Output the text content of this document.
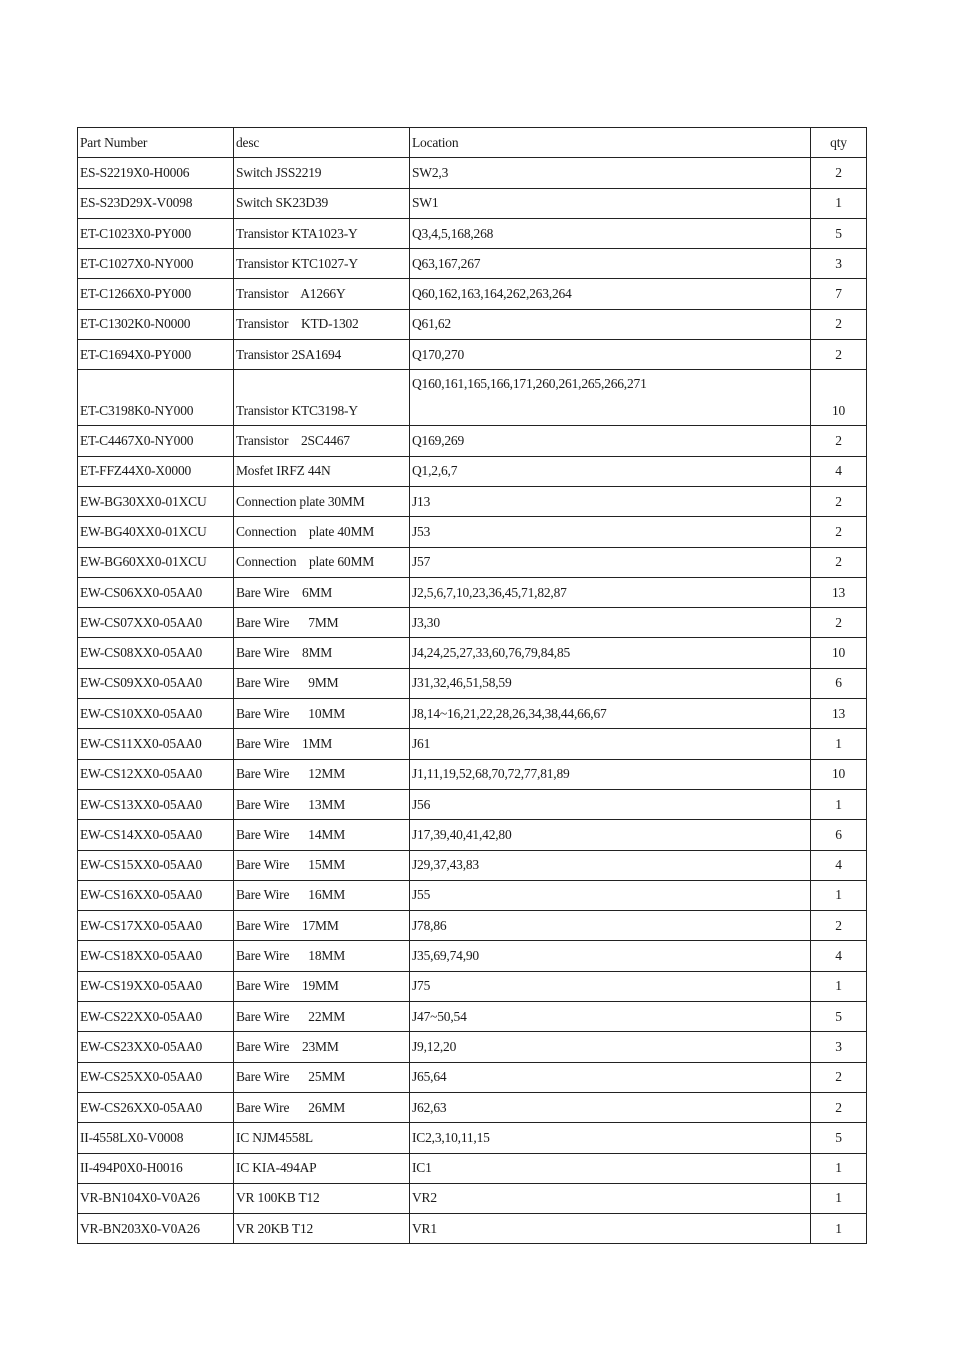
Part Number	desc	Location	qty
ES-S2219X0-H0006	Switch JSS2219	SW2,3	2
ES-S23D29X-V0098	Switch SK23D39	SW1	1
ET-C1023X0-PY000	Transistor KTA1023-Y	Q3,4,5,168,268	5
ET-C1027X0-NY000	Transistor KTC1027-Y	Q63,167,267	3
ET-C1266X0-PY000	Transistor    A1266Y	Q60,162,163,164,262,263,264	7
ET-C1302K0-N0000	Transistor    KTD-1302	Q61,62	2
ET-C1694X0-PY000	Transistor 2SA1694	Q170,270	2
ET-C3198K0-NY000	Transistor KTC3198-Y	Q160,161,165,166,171,260,261,265,266,271	10
ET-C4467X0-NY000	Transistor    2SC4467	Q169,269	2
ET-FFZ44X0-X0000	Mosfet IRFZ 44N	Q1,2,6,7	4
EW-BG30XX0-01XCU	Connection plate 30MM	J13	2
EW-BG40XX0-01XCU	Connection    plate 40MM	J53	2
EW-BG60XX0-01XCU	Connection    plate 60MM	J57	2
EW-CS06XX0-05AA0	Bare Wire    6MM	J2,5,6,7,10,23,36,45,71,82,87	13
EW-CS07XX0-05AA0	Bare Wire      7MM	J3,30	2
EW-CS08XX0-05AA0	Bare Wire    8MM	J4,24,25,27,33,60,76,79,84,85	10
EW-CS09XX0-05AA0	Bare Wire      9MM	J31,32,46,51,58,59	6
EW-CS10XX0-05AA0	Bare Wire      10MM	J8,14~16,21,22,28,26,34,38,44,66,67	13
EW-CS11XX0-05AA0	Bare Wire    1MM	J61	1
EW-CS12XX0-05AA0	Bare Wire      12MM	J1,11,19,52,68,70,72,77,81,89	10
EW-CS13XX0-05AA0	Bare Wire      13MM	J56	1
EW-CS14XX0-05AA0	Bare Wire      14MM	J17,39,40,41,42,80	6
EW-CS15XX0-05AA0	Bare Wire      15MM	J29,37,43,83	4
EW-CS16XX0-05AA0	Bare Wire      16MM	J55	1
EW-CS17XX0-05AA0	Bare Wire    17MM	J78,86	2
EW-CS18XX0-05AA0	Bare Wire      18MM	J35,69,74,90	4
EW-CS19XX0-05AA0	Bare Wire    19MM	J75	1
EW-CS22XX0-05AA0	Bare Wire      22MM	J47~50,54	5
EW-CS23XX0-05AA0	Bare Wire    23MM	J9,12,20	3
EW-CS25XX0-05AA0	Bare Wire      25MM	J65,64	2
EW-CS26XX0-05AA0	Bare Wire      26MM	J62,63	2
II-4558LX0-V0008	IC NJM4558L	IC2,3,10,11,15	5
II-494P0X0-H0016	IC KIA-494AP	IC1	1
VR-BN104X0-V0A26	VR 100KB T12	VR2	1
VR-BN203X0-V0A26	VR 20KB T12	VR1	1
